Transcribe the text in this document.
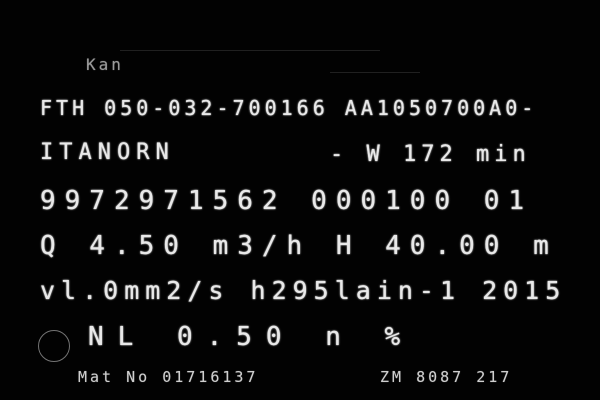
Kan
FTH 050-032-700166 AA1050700A0-
ITANORN	- W 172 min
9972971562 000100 01
Q 4.50 m3/h H 40.00 m
vl.0mm2/s h295lain-1 2015
NL 0.50 n %
Mat No 01716137	ZM 8087 217
